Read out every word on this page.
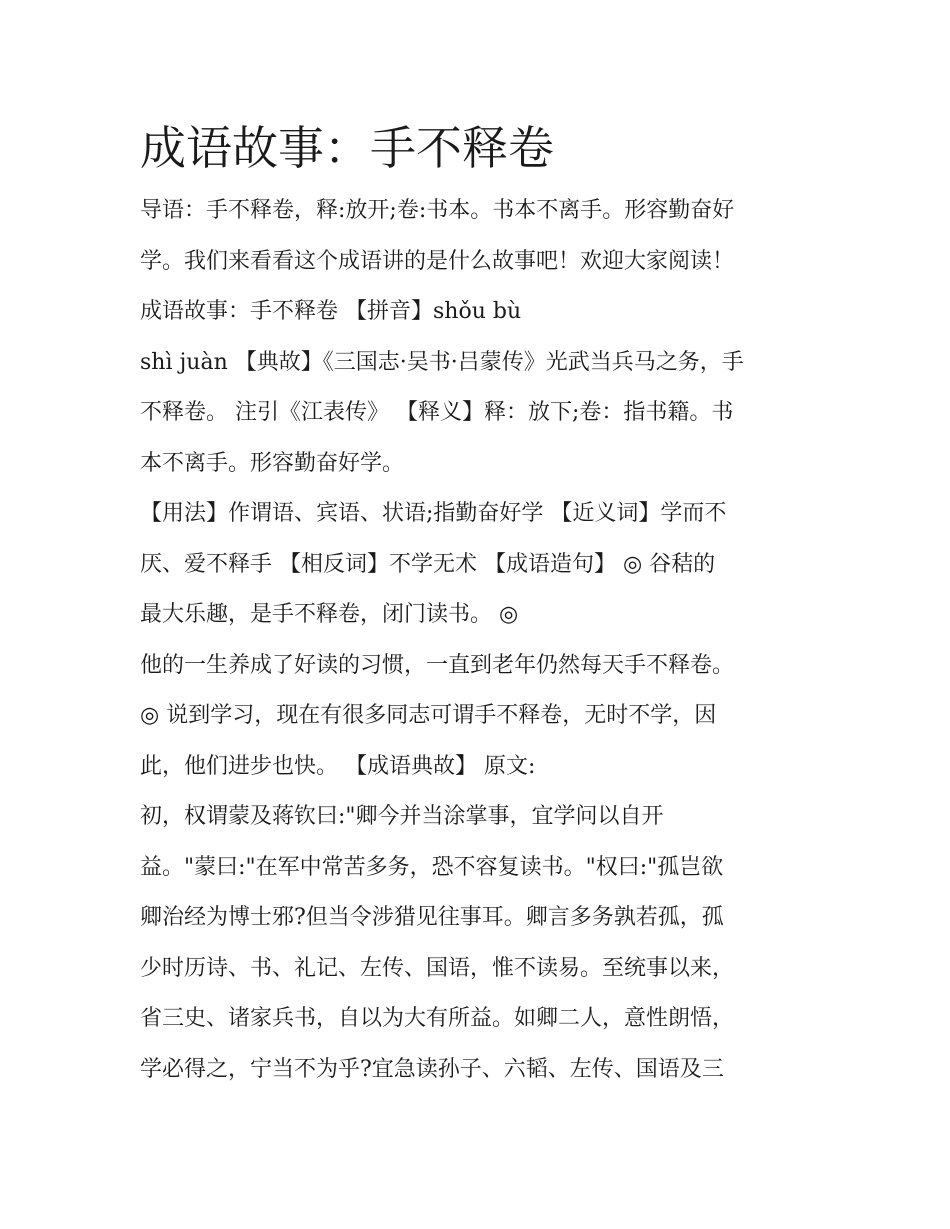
成语故事：手不释卷
导语：手不释卷，释:放开;卷:书本。书本不离手。形容勤奋好
学。我们来看看这个成语讲的是什么故事吧！欢迎大家阅读！
成语故事：手不释卷 【拼音】shǒu bù
shì juàn 【典故】《三国志·吴书·吕蒙传》光武当兵马之务，手
不释卷。 注引《江表传》 【释义】释：放下;卷：指书籍。书
本不离手。形容勤奋好学。
【用法】作谓语、宾语、状语;指勤奋好学 【近义词】学而不
厌、爱不释手 【相反词】不学无术 【成语造句】 ◎ 谷秸的
最大乐趣，是手不释卷，闭门读书。 ◎
他的一生养成了好读的习惯，一直到老年仍然每天手不释卷。
◎ 说到学习，现在有很多同志可谓手不释卷，无时不学，因
此，他们进步也快。 【成语典故】 原文:
初，权谓蒙及蒋钦曰:"卿今并当涂掌事，宜学问以自开
益。"蒙曰:"在军中常苦多务，恐不容复读书。"权曰:"孤岂欲
卿治经为博士邪?但当令涉猎见往事耳。卿言多务孰若孤，孤
少时历诗、书、礼记、左传、国语，惟不读易。至统事以来，
省三史、诸家兵书，自以为大有所益。如卿二人，意性朗悟，
学必得之，宁当不为乎?宜急读孙子、六韬、左传、国语及三
